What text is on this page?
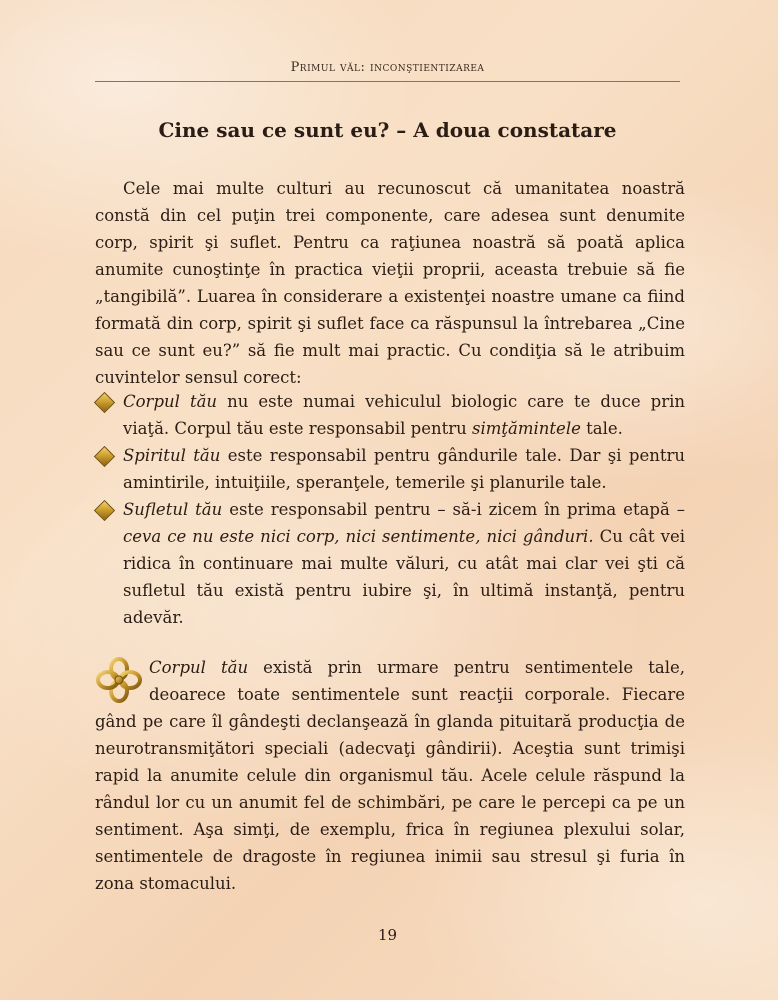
Primul văl: inconştientizarea
Cine sau ce sunt eu? – A doua constatare
Cele mai multe culturi au recunoscut că umanitatea noastră constă din cel puţin trei componente, care adesea sunt denumite corp, spirit şi suflet. Pentru ca raţiunea noastră să poată aplica anumite cunoştinţe în practica vieţii proprii, aceasta trebuie să fie „tangibilă”. Luarea în considerare a existenţei noastre umane ca fiind formată din corp, spirit şi suflet face ca răspunsul la întrebarea „Cine sau ce sunt eu?” să fie mult mai practic. Cu condiţia să le atribuim cuvintelor sensul corect:
Corpul tău nu este numai vehiculul biologic care te duce prin viaţă. Corpul tău este responsabil pentru simţămintele tale.
Spiritul tău este responsabil pentru gândurile tale. Dar şi pentru amintirile, intuiţiile, speranţele, temerile şi planurile tale.
Sufletul tău este responsabil pentru – să-i zicem în prima etapă – ceva ce nu este nici corp, nici sentimente, nici gânduri. Cu cât vei ridica în continuare mai multe văluri, cu atât mai clar vei şti că sufletul tău există pentru iubire şi, în ultimă instanţă, pentru adevăr.
Corpul tău există prin urmare pentru sentimentele tale, deoarece toate sentimentele sunt reacţii corporale. Fiecare gând pe care îl gândeşti declanşează în glanda pituitară producţia de neurotransmiţători speciali (adecvaţi gândirii). Aceştia sunt trimişi rapid la anumite celule din organismul tău. Acele celule răspund la rândul lor cu un anumit fel de schimbări, pe care le percepi ca pe un sentiment. Aşa simţi, de exemplu, frica în regiunea plexului solar, sentimentele de dragoste în regiunea inimii sau stresul şi furia în zona stomacului.
19
